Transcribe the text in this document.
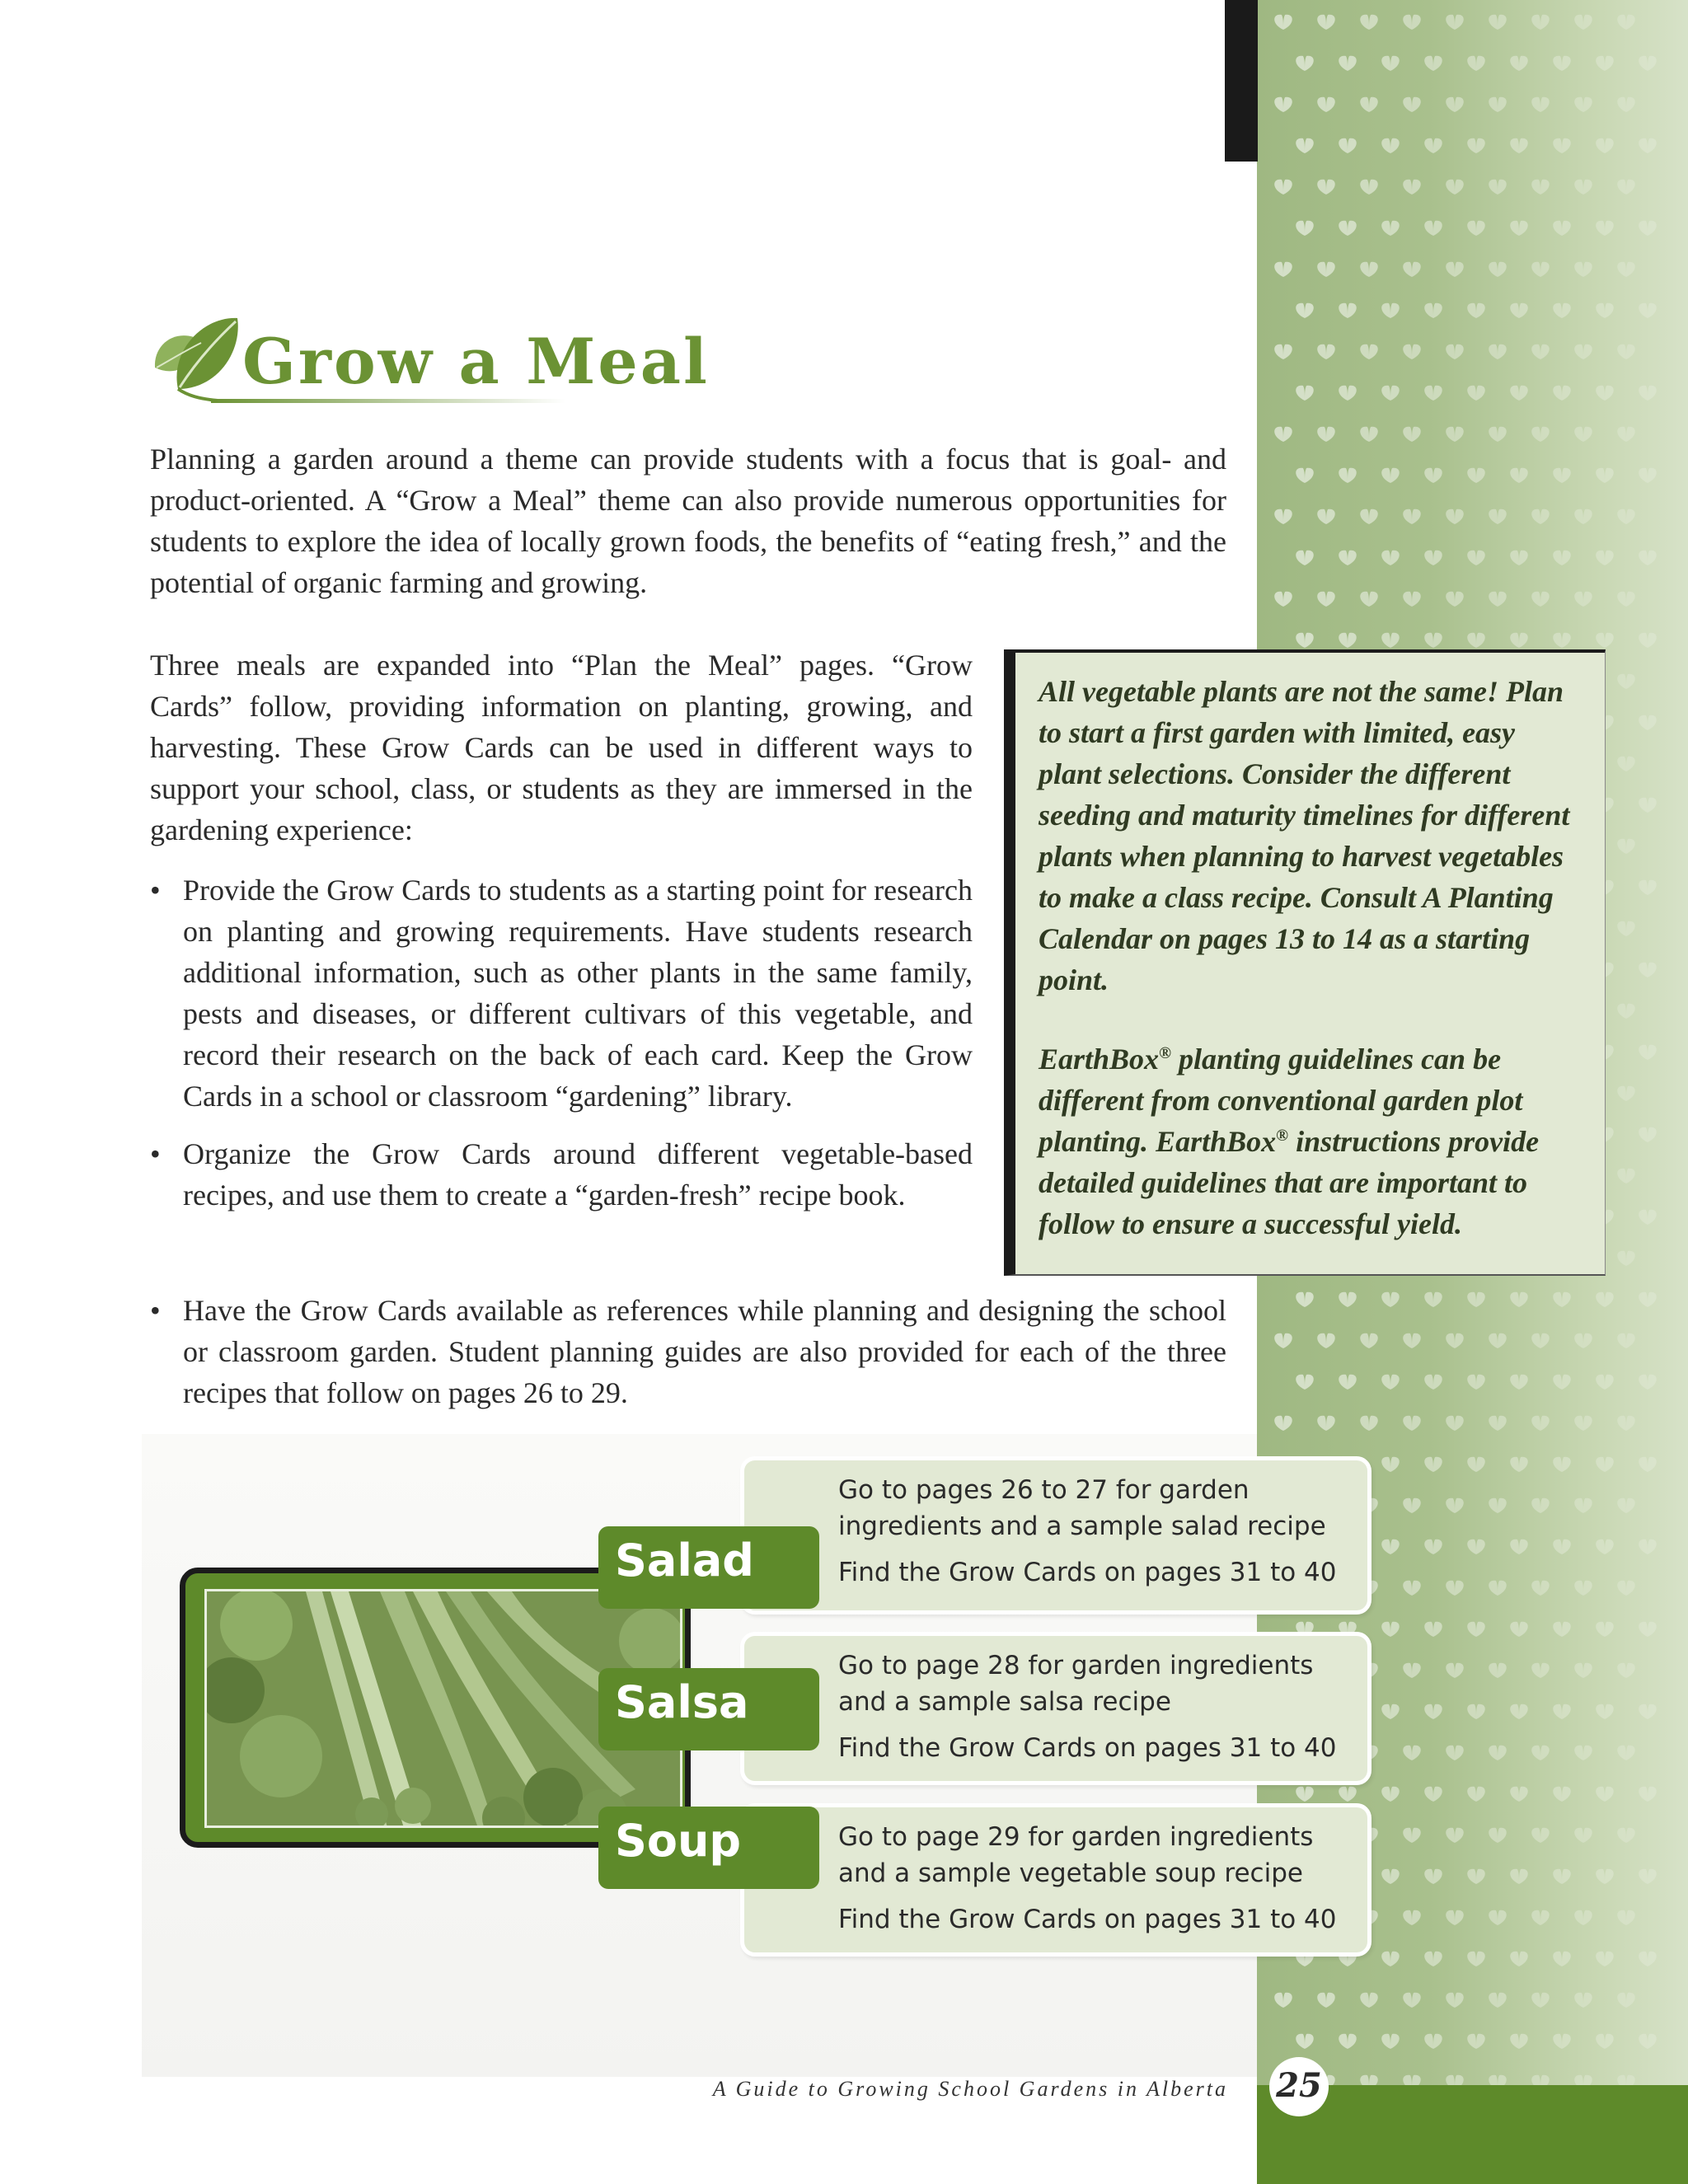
Grow a Meal

Planning a garden around a theme can provide students with a focus that is goal- and product-oriented. A “Grow a Meal” theme can also provide numerous opportunities for students to explore the idea of locally grown foods, the benefits of “eating fresh,” and the potential of organic farming and growing.

Three meals are expanded into “Plan the Meal” pages. “Grow Cards” follow, providing information on planting, growing, and harvesting. These Grow Cards can be used in different ways to support your school, class, or students as they are immersed in the gardening experience:

• Provide the Grow Cards to students as a starting point for research on planting and growing requirements. Have students research additional information, such as other plants in the same family, pests and diseases, or different cultivars of this vegetable, and record their research on the back of each card. Keep the Grow Cards in a school or classroom “gardening” library.
• Organize the Grow Cards around different vegetable-based recipes, and use them to create a “garden-fresh” recipe book.
• Have the Grow Cards available as references while planning and designing the school or classroom garden. Student planning guides are also provided for each of the three recipes that follow on pages 26 to 29.

All vegetable plants are not the same! Plan to start a first garden with limited, easy plant selections. Consider the different seeding and maturity timelines for different plants when planning to harvest vegetables to make a class recipe. Consult A Planting Calendar on pages 13 to 14 as a starting point.

EarthBox® planting guidelines can be different from conventional garden plot planting. EarthBox® instructions provide detailed guidelines that are important to follow to ensure a successful yield.

Go to pages 26 to 27 for garden ingredients and a sample salad recipe
Find the Grow Cards on pages 31 to 40
Go to page 28 for garden ingredients and a sample salsa recipe
Find the Grow Cards on pages 31 to 40
Go to page 29 for garden ingredients and a sample vegetable soup recipe
Find the Grow Cards on pages 31 to 40
Salad
Salsa
Soup
A Guide to Growing School Gardens in Alberta 25
